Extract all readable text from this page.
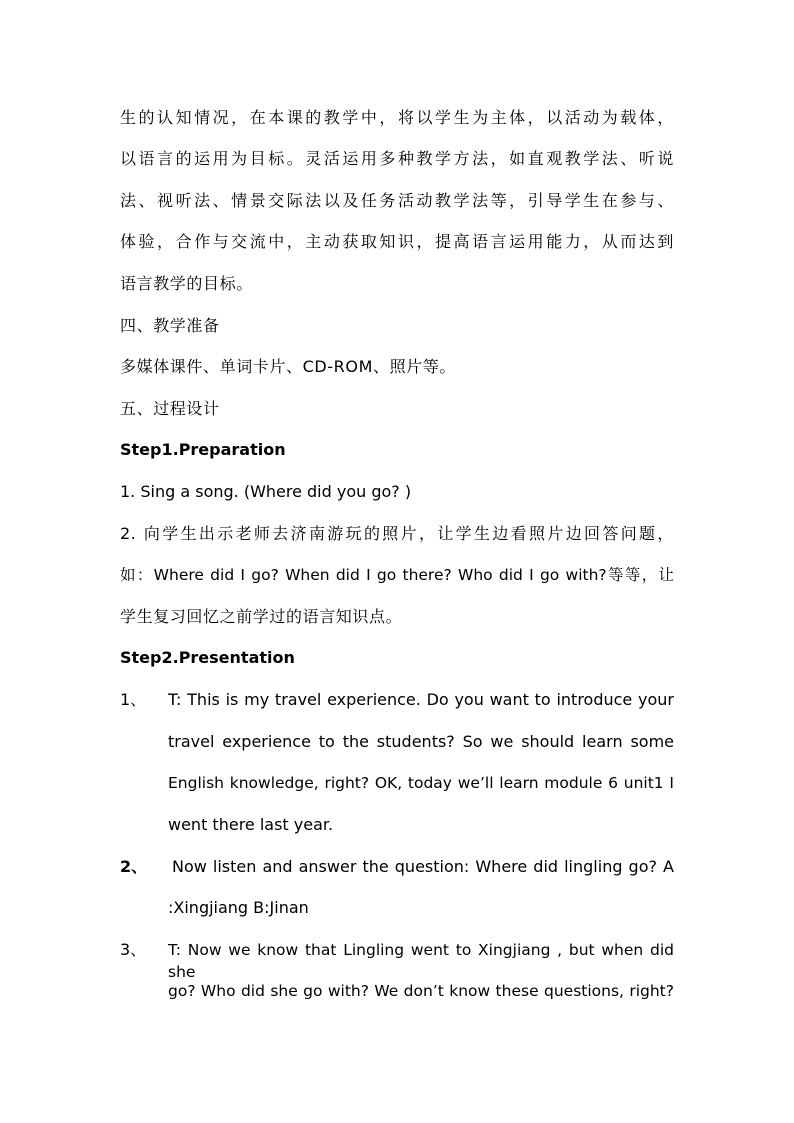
生的认知情况，在本课的教学中，将以学生为主体，以活动为载体，
以语言的运用为目标。灵活运用多种教学方法，如直观教学法、听说
法、视听法、情景交际法以及任务活动教学法等，引导学生在参与、
体验，合作与交流中，主动获取知识，提高语言运用能力，从而达到
语言教学的目标。
四、教学准备
多媒体课件、单词卡片、CD-ROM、照片等。
五、过程设计
Step1.Preparation
1. Sing a song. (Where did you go? )
2. 向学生出示老师去济南游玩的照片，让学生边看照片边回答问题，
如：Where did I go? When did I go there? Who did I go with?等等，让
学生复习回忆之前学过的语言知识点。
Step2.Presentation
1、 T: This is my travel experience. Do you want to introduce your
travel experience to the students? So we should learn some
English knowledge, right? OK, today we’ll learn module 6 unit1 I
went there last year.
2、 Now listen and answer the question: Where did lingling go? A
:Xingjiang B:Jinan
3、 T: Now we know that Lingling went to Xingjiang , but when did she
go? Who did she go with? We don’t know these questions, right?
